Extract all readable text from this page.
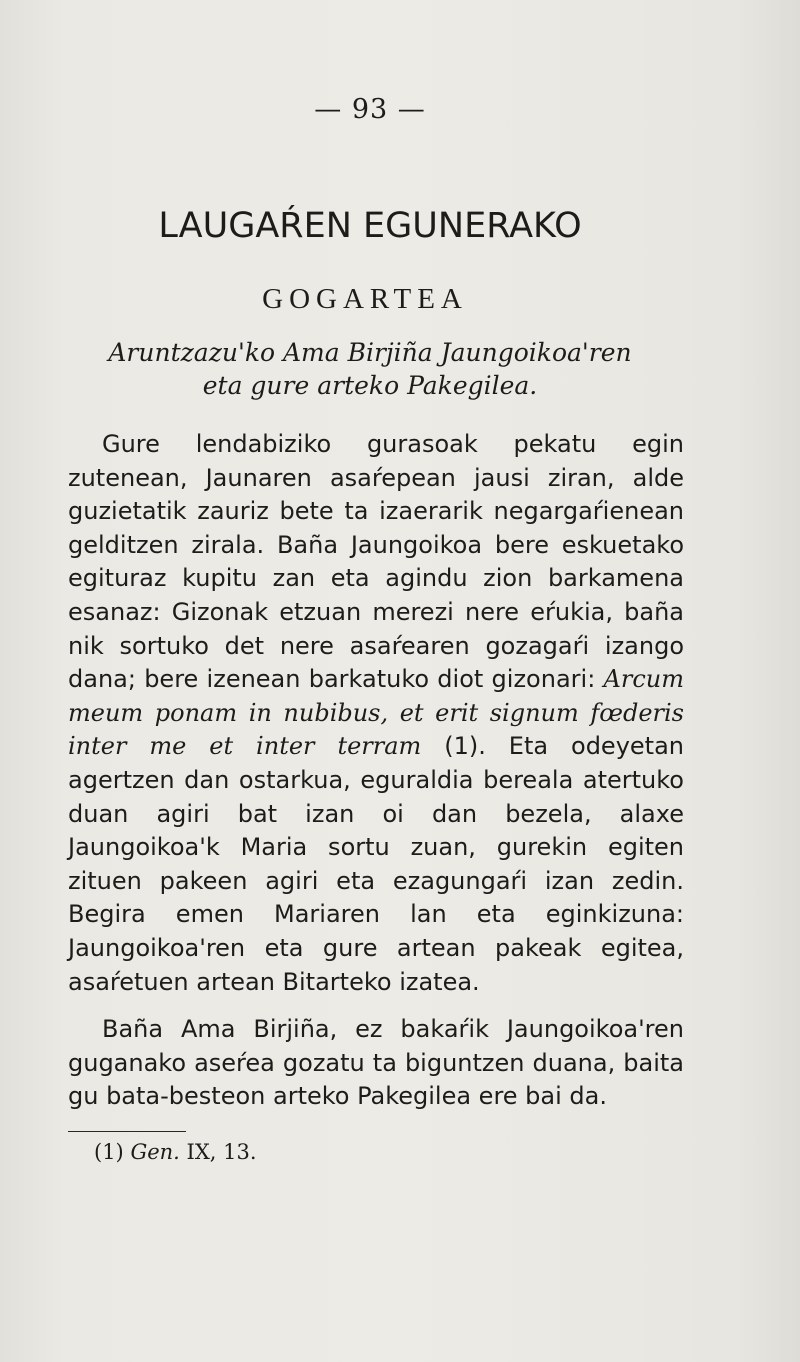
— 93 —
LAUGAŔEN EGUNERAKO
GOGARTEA
Aruntzazu'ko Ama Birjiña Jaungoikoa'ren
eta gure arteko Pakegilea.

Gure lendabiziko gurasoak pekatu egin zutenean, Jaunaren asaŕepean jausi ziran, alde guzietatik zauriz bete ta izaerarik negargaŕienean gelditzen zirala. Baña Jaungoikoa bere eskuetako egituraz kupitu zan eta agindu zion barkamena esanaz: Gizonak etzuan merezi nere eŕukia, baña nik sortuko det nere asaŕearen gozagaŕi izango dana; bere izenean barkatuko diot gizonari: Arcum meum ponam in nubibus, et erit signum fœderis inter me et inter terram (1). Eta odeyetan agertzen dan ostarkua, eguraldia bereala atertuko duan agiri bat izan oi dan bezela, alaxe Jaungoikoa'k Maria sortu zuan, gurekin egiten zituen pakeen agiri eta ezagungaŕi izan zedin. Begira emen Mariaren lan eta eginkizuna: Jaungoikoa'ren eta gure artean pakeak egitea, asaŕetuen artean Bitarteko izatea.

Baña Ama Birjiña, ez bakaŕik Jaungoikoa'ren guganako aseŕea gozatu ta biguntzen duana, baita gu bata-besteon arteko Pakegilea ere bai da.

(1) Gen. IX, 13.
